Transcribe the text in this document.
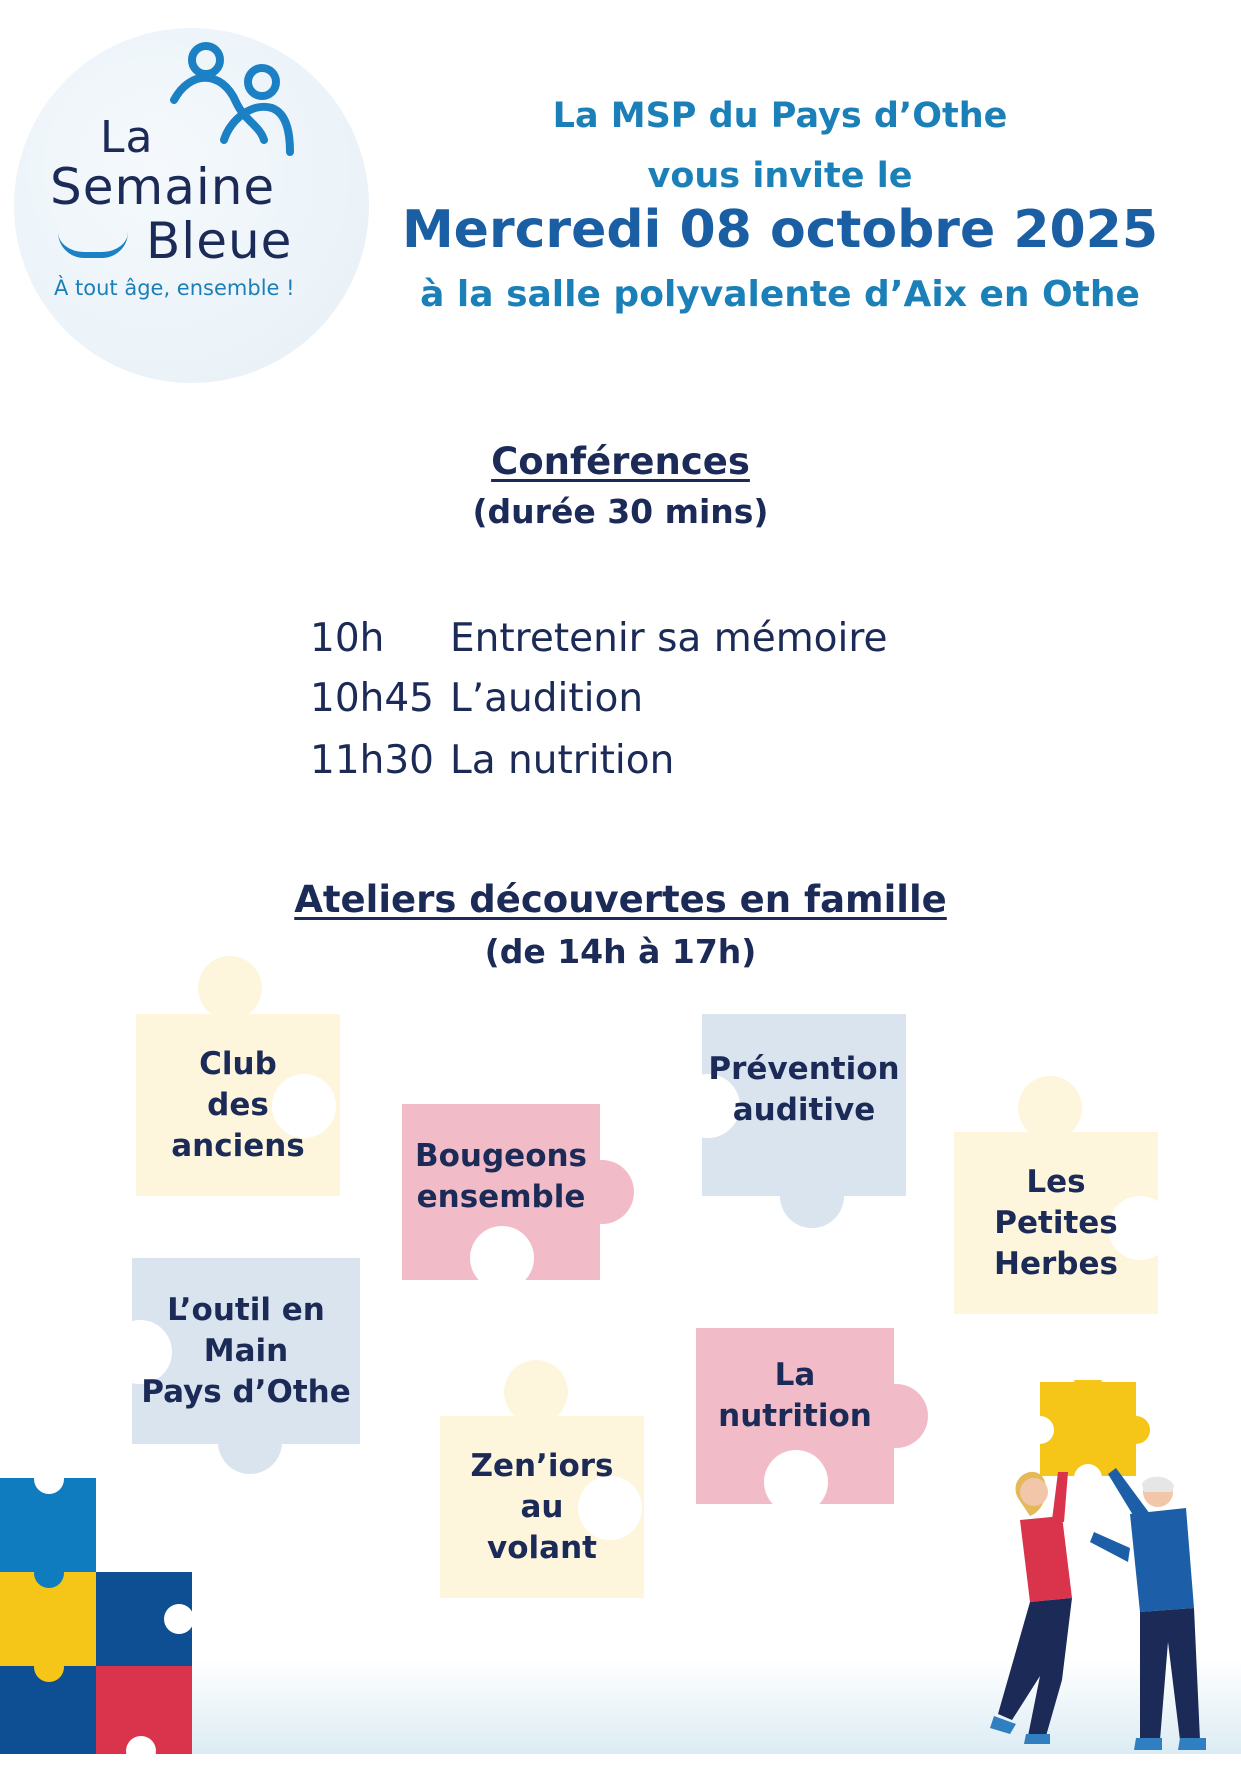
La
Semaine
Bleue
À tout âge, ensemble !
La MSP du Pays d’Othe
vous invite le
Mercredi 08 octobre 2025
à la salle polyvalente d’Aix en Othe
Conférences
(durée 30 mins)
10h Entretenir sa mémoire
10h45 L’audition
11h30 La nutrition
Ateliers découvertes en famille
(de 14h à 17h)
Club
des
anciens	Bougeons
ensemble
Prévention
auditive
Les
Petites
Herbes
L’outil en
Main
Pays d’Othe
Zen’iors
au
volant
La
nutrition
